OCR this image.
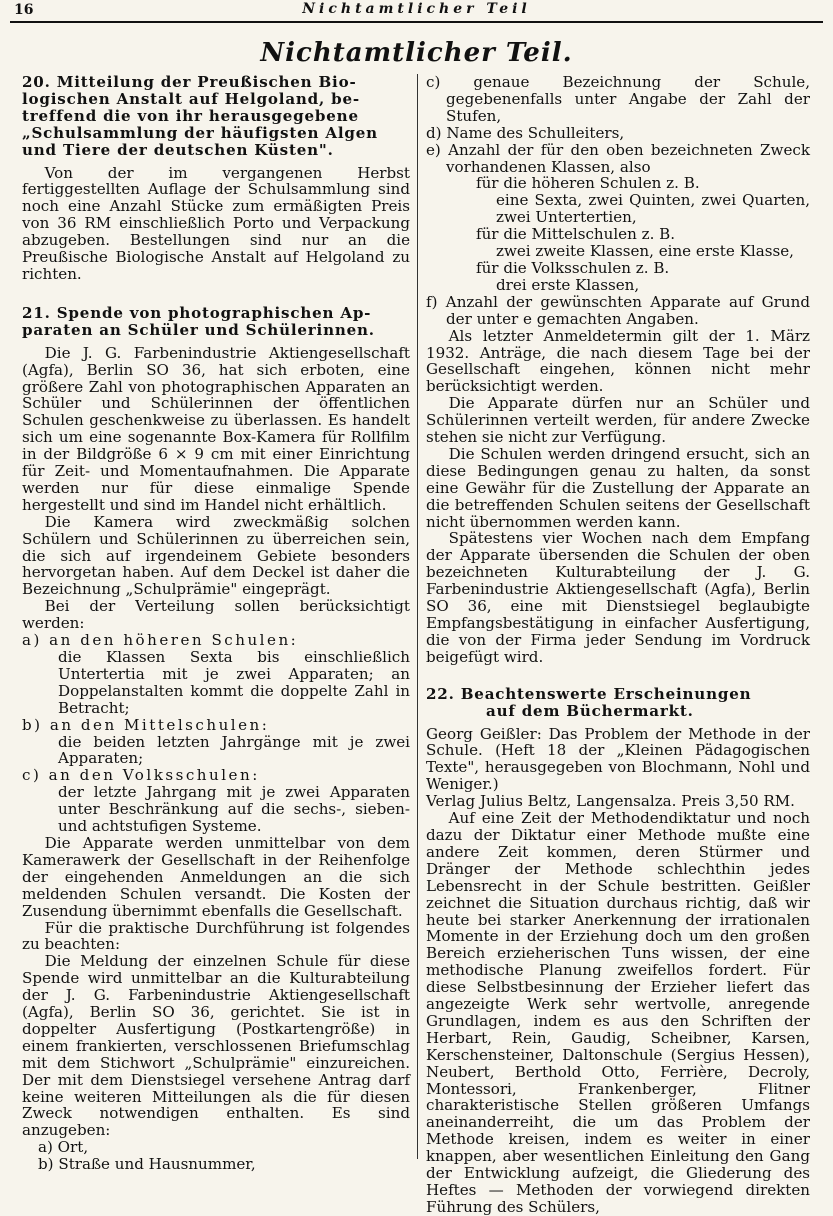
16	Nichtamtlicher Teil
Nichtamtlicher Teil.
20. Mitteilung der Preußischen Bio-
logischen Anstalt auf Helgoland, be-
treffend die von ihr herausgegebene
„Schulsammlung der häufigsten Algen
und Tiere der deutschen Küsten".

Von der im vergangenen Herbst fertiggestellten Auflage der Schulsammlung sind noch eine Anzahl Stücke zum ermäßigten Preis von 36 RM einschließlich Porto und Verpackung abzugeben. Bestellungen sind nur an die Preußische Biologische Anstalt auf Helgoland zu richten.

21. Spende von photographischen Ap-
paraten an Schüler und Schülerinnen.

Die J. G. Farbenindustrie Aktiengesellschaft (Agfa), Berlin SO 36, hat sich erboten, eine größere Zahl von photographischen Apparaten an Schüler und Schülerinnen der öffentlichen Schulen geschenkweise zu überlassen. Es handelt sich um eine sogenannte Box-Kamera für Rollfilm in der Bildgröße 6 × 9 cm mit einer Einrichtung für Zeit- und Momentaufnahmen. Die Apparate werden nur für diese einmalige Spende hergestellt und sind im Handel nicht erhältlich.

Die Kamera wird zweckmäßig solchen Schülern und Schülerinnen zu überreichen sein, die sich auf irgendeinem Gebiete besonders hervorgetan haben. Auf dem Deckel ist daher die Bezeichnung „Schulprämie" eingeprägt.

Bei der Verteilung sollen berücksichtigt werden:

a) an den höheren Schulen:
die Klassen Sexta bis einschließlich Untertertia mit je zwei Apparaten; an Doppelanstalten kommt die doppelte Zahl in Betracht;
b) an den Mittelschulen:
die beiden letzten Jahrgänge mit je zwei Apparaten;
c) an den Volksschulen:
der letzte Jahrgang mit je zwei Apparaten unter Beschränkung auf die sechs-, sieben- und achtstufigen Systeme.

Die Apparate werden unmittelbar von dem Kamerawerk der Gesellschaft in der Reihenfolge der eingehenden Anmeldungen an die sich meldenden Schulen versandt. Die Kosten der Zusendung übernimmt ebenfalls die Gesellschaft.

Für die praktische Durchführung ist folgendes zu beachten:

Die Meldung der einzelnen Schule für diese Spende wird unmittelbar an die Kulturabteilung der J. G. Farbenindustrie Aktiengesellschaft (Agfa), Berlin SO 36, gerichtet. Sie ist in doppelter Ausfertigung (Postkartengröße) in einem frankierten, verschlossenen Briefumschlag mit dem Stichwort „Schulprämie" einzureichen. Der mit dem Dienstsiegel versehene Antrag darf keine weiteren Mitteilungen als die für diesen Zweck notwendigen enthalten. Es sind anzugeben:

a) Ort,
b) Straße und Hausnummer,
c) genaue Bezeichnung der Schule, gegebenenfalls unter Angabe der Zahl der Stufen,
d) Name des Schulleiters,
e) Anzahl der für den oben bezeichneten Zweck vorhandenen Klassen, also
für die höheren Schulen z. B.
eine Sexta, zwei Quinten, zwei Quarten, zwei Untertertien,
für die Mittelschulen z. B.
zwei zweite Klassen, eine erste Klasse,
für die Volksschulen z. B.
drei erste Klassen,
f) Anzahl der gewünschten Apparate auf Grund der unter e gemachten Angaben.

Als letzter Anmeldetermin gilt der 1. März 1932. Anträge, die nach diesem Tage bei der Gesellschaft eingehen, können nicht mehr berücksichtigt werden.

Die Apparate dürfen nur an Schüler und Schülerinnen verteilt werden, für andere Zwecke stehen sie nicht zur Verfügung.

Die Schulen werden dringend ersucht, sich an diese Bedingungen genau zu halten, da sonst eine Gewähr für die Zustellung der Apparate an die betreffenden Schulen seitens der Gesellschaft nicht übernommen werden kann.

Spätestens vier Wochen nach dem Empfang der Apparate übersenden die Schulen der oben bezeichneten Kulturabteilung der J. G. Farbenindustrie Aktiengesellschaft (Agfa), Berlin SO 36, eine mit Dienstsiegel beglaubigte Empfangsbestätigung in einfacher Ausfertigung, die von der Firma jeder Sendung im Vordruck beigefügt wird.

22. Beachtenswerte Erscheinungen
auf dem Büchermarkt.
Georg Geißler: Das Problem der Methode in der Schule. (Heft 18 der „Kleinen Pädagogischen Texte", herausgegeben von Blochmann, Nohl und Weniger.)
Verlag Julius Beltz, Langensalza. Preis 3,50 RM.

Auf eine Zeit der Methodendiktatur und noch dazu der Diktatur einer Methode mußte eine andere Zeit kommen, deren Stürmer und Dränger der Methode schlechthin jedes Lebensrecht in der Schule bestritten. Geißler zeichnet die Situation durchaus richtig, daß wir heute bei starker Anerkennung der irrationalen Momente in der Erziehung doch um den großen Bereich erzieherischen Tuns wissen, der eine methodische Planung zweifellos fordert. Für diese Selbstbesinnung der Erzieher liefert das angezeigte Werk sehr wertvolle, anregende Grundlagen, indem es aus den Schriften der Herbart, Rein, Gaudig, Scheibner, Karsen, Kerschensteiner, Daltonschule (Sergius Hessen), Neubert, Berthold Otto, Ferrière, Decroly, Montessori, Frankenberger, Flitner charakteristische Stellen größeren Umfangs aneinanderreiht, die um das Problem der Methode kreisen, indem es weiter in einer knappen, aber wesentlichen Einleitung den Gang der Entwicklung aufzeigt, die Gliederung des Heftes — Methoden der vorwiegend direkten Führung des Schülers,
